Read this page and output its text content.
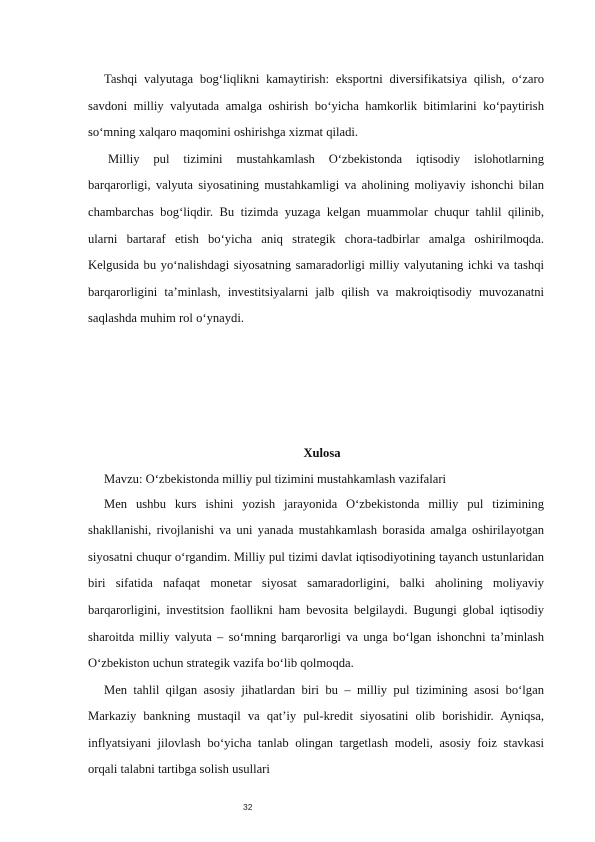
Tashqi valyutaga bog‘liqlikni kamaytirish: eksportni diversifikatsiya qilish, o‘zaro savdoni milliy valyutada amalga oshirish bo‘yicha hamkorlik bitimlarini ko‘paytirish so‘mning xalqaro maqomini oshirishga xizmat qiladi.

Milliy pul tizimini mustahkamlash O‘zbekistonda iqtisodiy islohotlarning barqarorligi, valyuta siyosatining mustahkamligi va aholining moliyaviy ishonchi bilan chambarchas bog‘liqdir. Bu tizimda yuzaga kelgan muammolar chuqur tahlil qilinib, ularni bartaraf etish bo‘yicha aniq strategik chora-tadbirlar amalga oshirilmoqda. Kelgusida bu yo‘nalishdagi siyosatning samaradorligi milliy valyutaning ichki va tashqi barqarorligini ta’minlash, investitsiyalarni jalb qilish va makroiqtisodiy muvozanatni saqlashda muhim rol o‘ynaydi.

Xulosa

Mavzu: O‘zbekistonda milliy pul tizimini mustahkamlash vazifalari

Men ushbu kurs ishini yozish jarayonida O‘zbekistonda milliy pul tizimining shakllanishi, rivojlanishi va uni yanada mustahkamlash borasida amalga oshirilayotgan siyosatni chuqur o‘rgandim. Milliy pul tizimi davlat iqtisodiyotining tayanch ustunlaridan biri sifatida nafaqat monetar siyosat samaradorligini, balki aholining moliyaviy barqarorligini, investitsion faollikni ham bevosita belgilaydi. Bugungi global iqtisodiy sharoitda milliy valyuta – so‘mning barqarorligi va unga bo‘lgan ishonchni ta’minlash O‘zbekiston uchun strategik vazifa bo‘lib qolmoqda.

Men tahlil qilgan asosiy jihatlardan biri bu – milliy pul tizimining asosi bo‘lgan Markaziy bankning mustaqil va qat’iy pul-kredit siyosatini olib borishidir. Ayniqsa, inflyatsiyani jilovlash bo‘yicha tanlab olingan targetlash modeli, asosiy foiz stavkasi orqali talabni tartibga solish usullari

32
